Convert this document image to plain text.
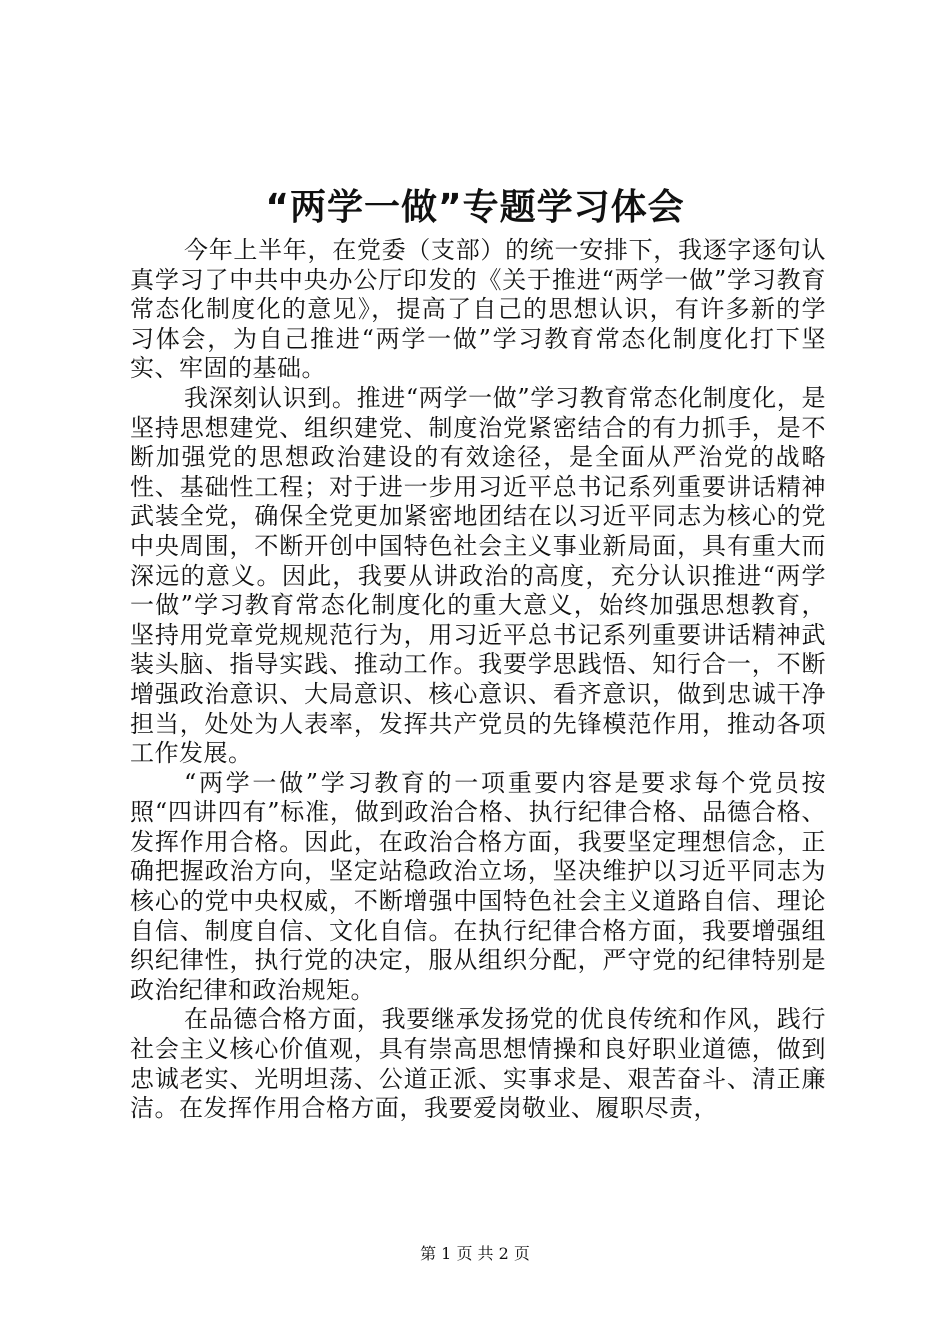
“两学一做”专题学习体会

今年上半年，在党委（支部）的统一安排下，我逐字逐句认真学习了中共中央办公厅印发的《关于推进“两学一做”学习教育常态化制度化的意见》，提高了自己的思想认识，有许多新的学习体会，为自己推进“两学一做”学习教育常态化制度化打下坚实、牢固的基础。

我深刻认识到。推进“两学一做”学习教育常态化制度化，是坚持思想建党、组织建党、制度治党紧密结合的有力抓手，是不断加强党的思想政治建设的有效途径，是全面从严治党的战略性、基础性工程；对于进一步用习近平总书记系列重要讲话精神武装全党，确保全党更加紧密地团结在以习近平同志为核心的党中央周围，不断开创中国特色社会主义事业新局面，具有重大而深远的意义。因此，我要从讲政治的高度，充分认识推进“两学一做”学习教育常态化制度化的重大意义，始终加强思想教育，坚持用党章党规规范行为，用习近平总书记系列重要讲话精神武装头脑、指导实践、推动工作。我要学思践悟、知行合一，不断增强政治意识、大局意识、核心意识、看齐意识，做到忠诚干净担当，处处为人表率，发挥共产党员的先锋模范作用，推动各项工作发展。

“两学一做”学习教育的一项重要内容是要求每个党员按照“四讲四有”标准，做到政治合格、执行纪律合格、品德合格、发挥作用合格。因此，在政治合格方面，我要坚定理想信念，正确把握政治方向，坚定站稳政治立场，坚决维护以习近平同志为核心的党中央权威，不断增强中国特色社会主义道路自信、理论自信、制度自信、文化自信。在执行纪律合格方面，我要增强组织纪律性，执行党的决定，服从组织分配，严守党的纪律特别是政治纪律和政治规矩。

在品德合格方面，我要继承发扬党的优良传统和作风，践行社会主义核心价值观，具有崇高思想情操和良好职业道德，做到忠诚老实、光明坦荡、公道正派、实事求是、艰苦奋斗、清正廉洁。在发挥作用合格方面，我要爱岗敬业、履职尽责，

第 1 页 共 2 页
